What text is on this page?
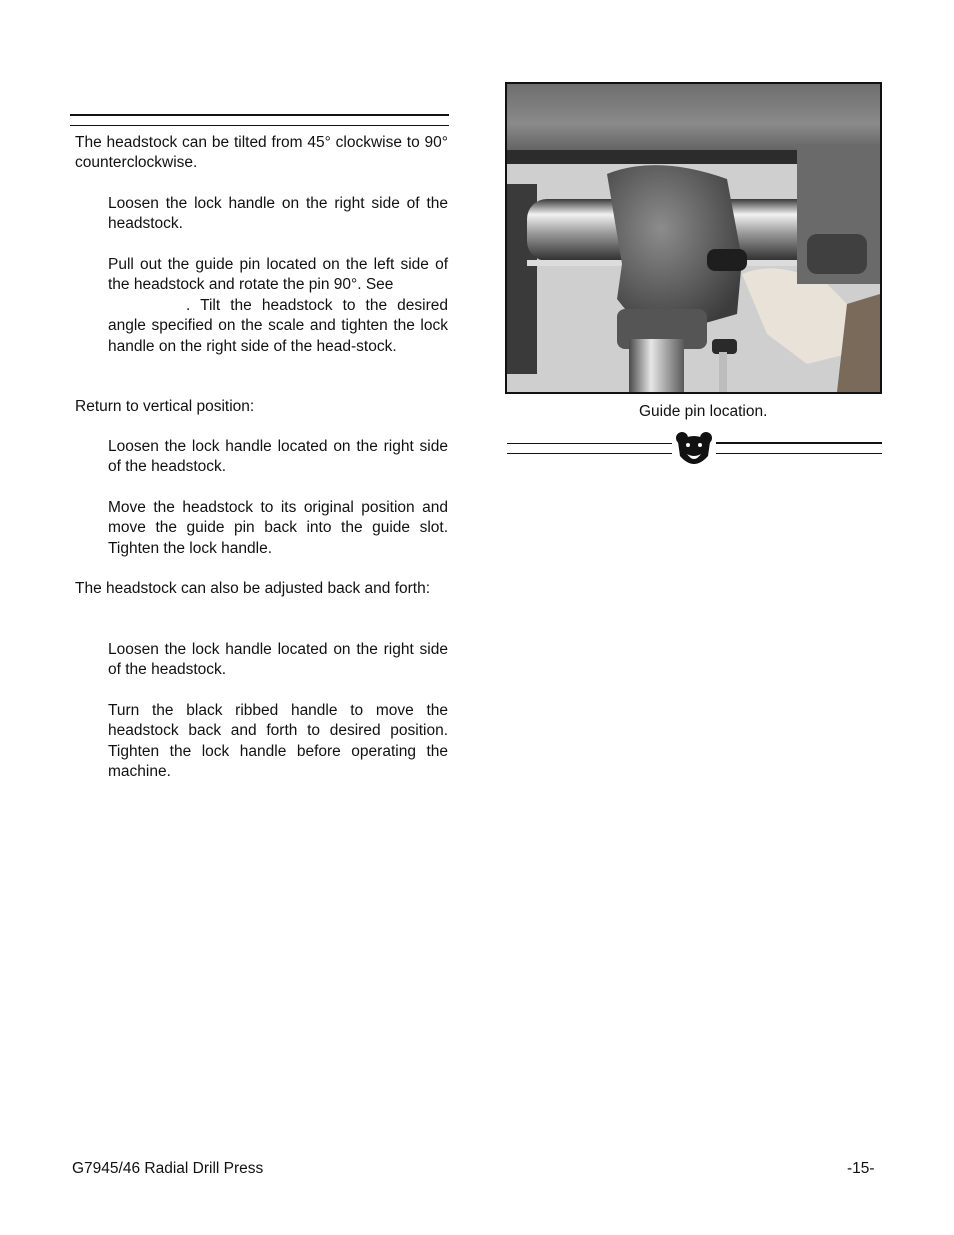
The headstock can be tilted from 45° clockwise to 90° counterclockwise.
Loosen the lock handle on the right side of the headstock.
Pull out the guide pin located on the left side of the headstock and rotate the pin 90°. See
. Tilt the headstock to the desired angle specified on the scale and tighten the lock handle on the right side of the head-stock.
Return to vertical position:
Loosen the lock handle located on the right side of the headstock.
Move the headstock to its original position and move the guide pin back into the guide slot. Tighten the lock handle.
The headstock can also be adjusted back and forth:
Loosen the lock handle located on the right side of the headstock.
Turn the black ribbed handle to move the headstock back and forth to desired position. Tighten the lock handle before operating the machine.
Guide pin location.
G7945/46 Radial Drill Press	-15-
